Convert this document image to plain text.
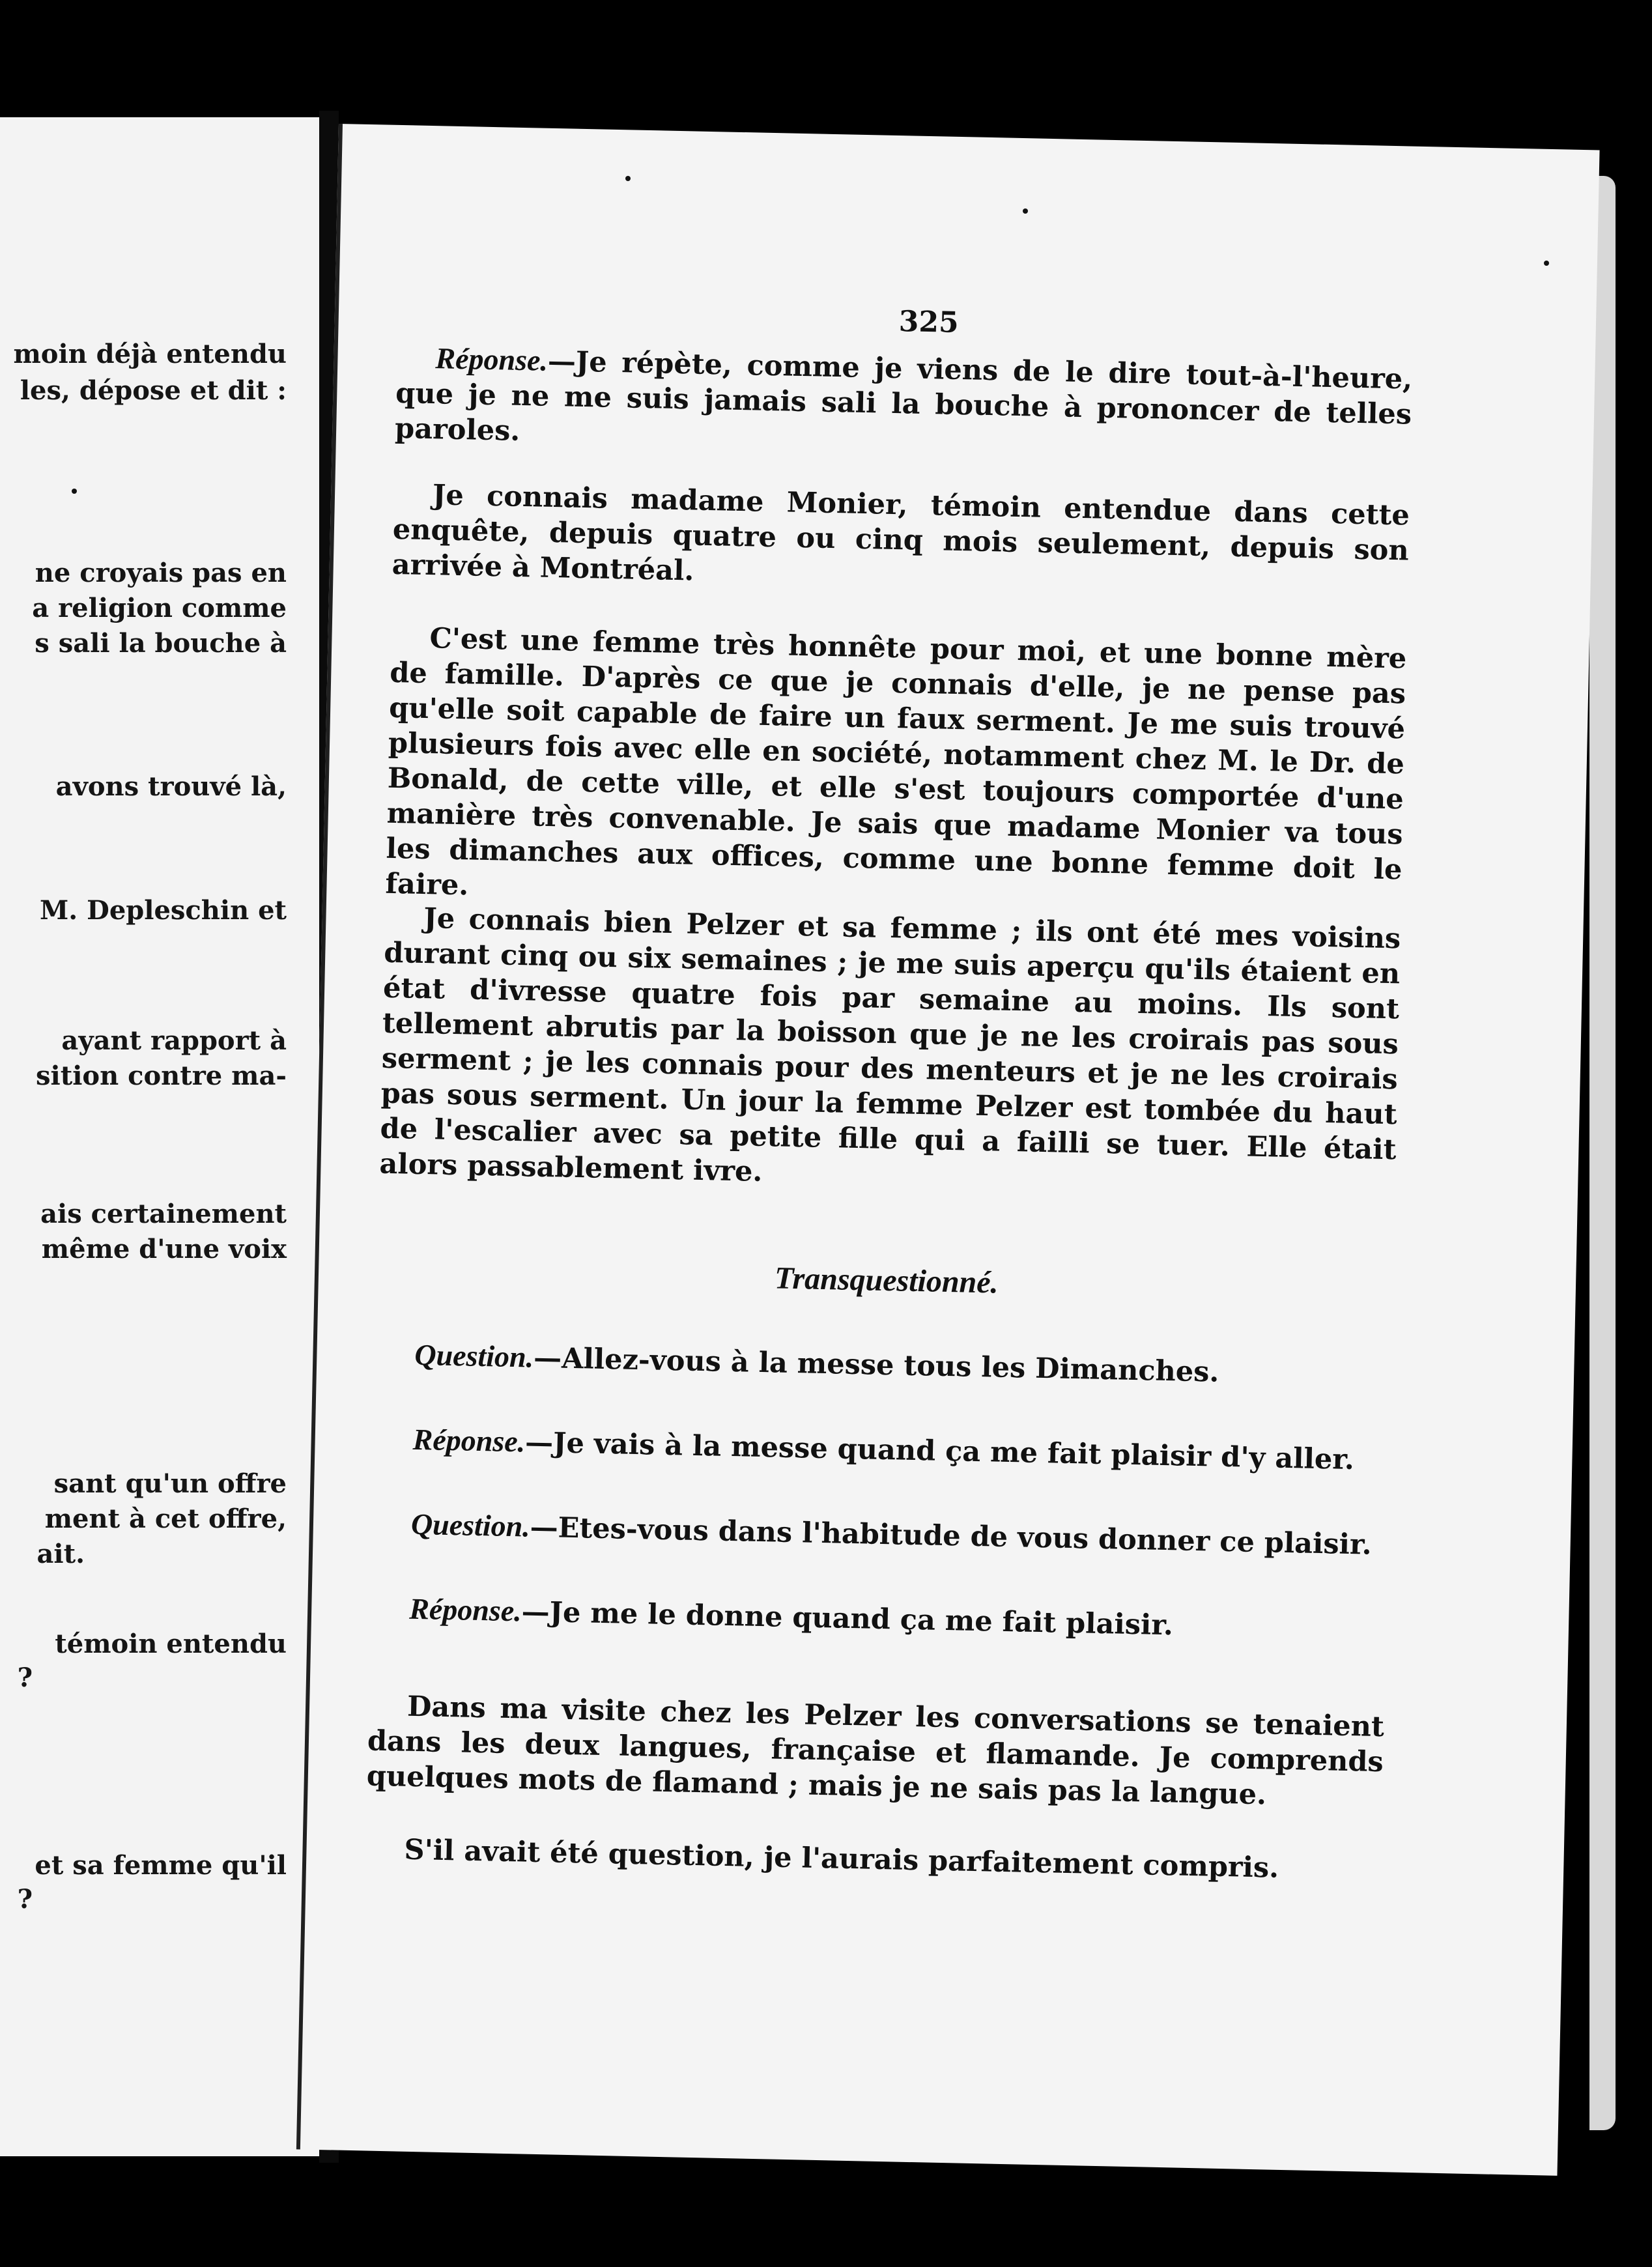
moin déjà entendu
les, dépose et dit :
ne croyais pas en
a religion comme
s sali la bouche à
avons trouvé là,
M. Depleschin et
ayant rapport à
sition contre ma-
ais certainement
même d'une voix
sant qu'un offre
ment à cet offre,
ait.
témoin entendu
?
et sa femme qu'il
?
325
Réponse.—Je répète, comme je viens de le dire tout-à-l'heure, que je ne me suis jamais sali la bouche à prononcer de telles paroles.
Je connais madame Monier, témoin entendue dans cette enquête, depuis quatre ou cinq mois seulement, depuis son arrivée à Montréal.
C'est une femme très honnête pour moi, et une bonne mère de famille. D'après ce que je connais d'elle, je ne pense pas qu'elle soit capable de faire un faux serment. Je me suis trouvé plusieurs fois avec elle en société, notamment chez M. le Dr. de Bonald, de cette ville, et elle s'est toujours comportée d'une manière très convenable. Je sais que madame Monier va tous les dimanches aux offices, comme une bonne femme doit le faire.
Je connais bien Pelzer et sa femme ; ils ont été mes voisins durant cinq ou six semaines ; je me suis aperçu qu'ils étaient en état d'ivresse quatre fois par semaine au moins. Ils sont tellement abrutis par la boisson que je ne les croirais pas sous serment ; je les connais pour des menteurs et je ne les croirais pas sous serment. Un jour la femme Pelzer est tombée du haut de l'escalier avec sa petite fille qui a failli se tuer. Elle était alors passablement ivre.
Transquestionné.
Question.—Allez-vous à la messe tous les Dimanches.
Réponse.—Je vais à la messe quand ça me fait plaisir d'y aller.
Question.—Etes-vous dans l'habitude de vous donner ce plaisir.
Réponse.—Je me le donne quand ça me fait plaisir.
Dans ma visite chez les Pelzer les conversations se tenaient dans les deux langues, française et flamande. Je comprends quelques mots de flamand ; mais je ne sais pas la langue.
S'il avait été question, je l'aurais parfaitement compris.
